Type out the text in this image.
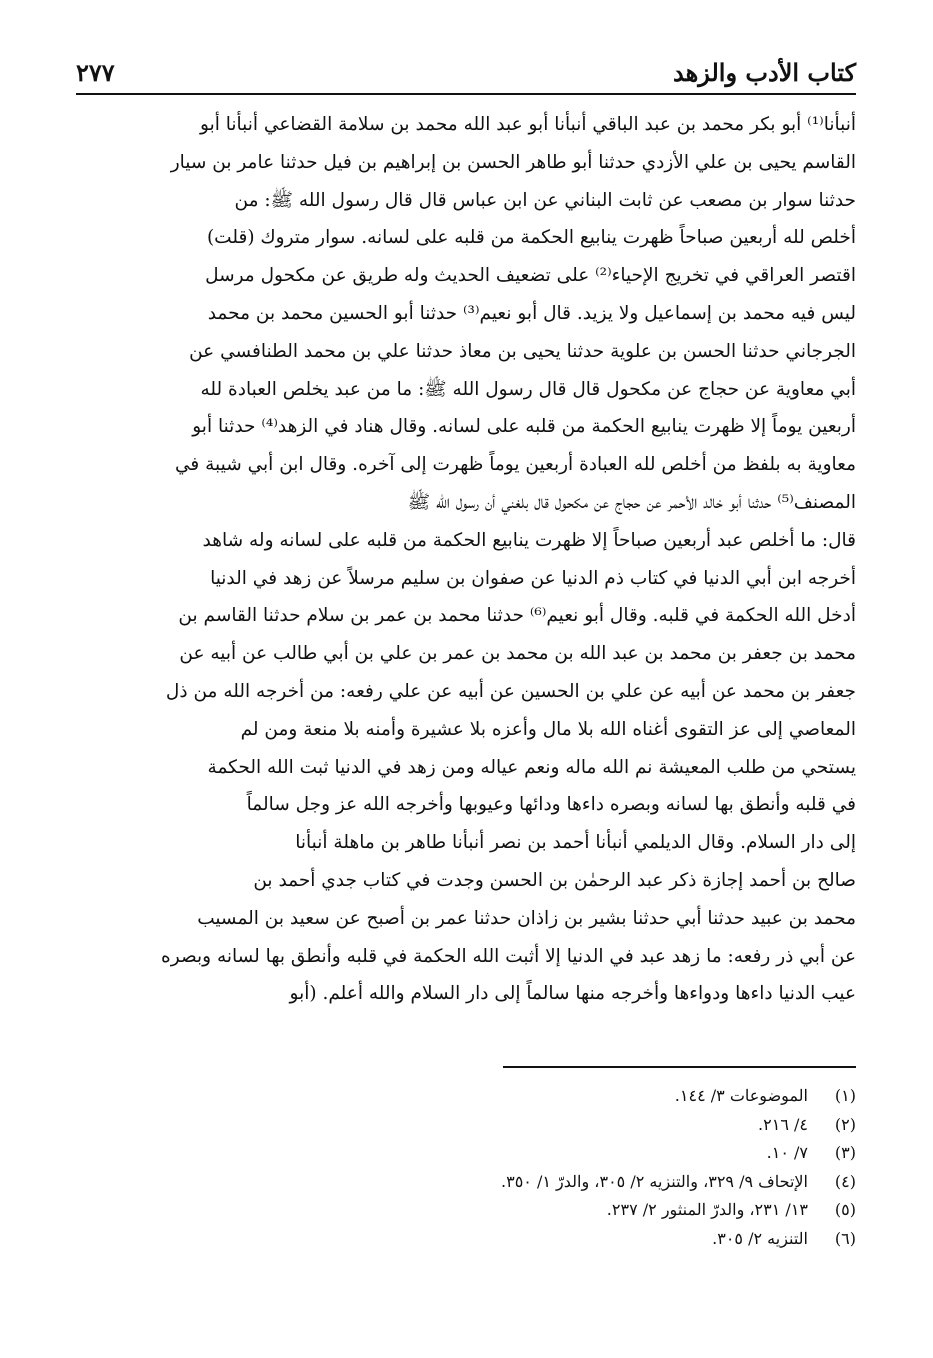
كتاب الأدب والزهد
٢٧٧
أنبأنا⁽¹⁾ أبو بكر محمد بن عبد الباقي أنبأنا أبو عبد الله محمد بن سلامة القضاعي أنبأنا أبو
القاسم يحيى بن علي الأزدي حدثنا أبو طاهر الحسن بن إبراهيم بن فيل حدثنا عامر بن سيار
حدثنا سوار بن مصعب عن ثابت البناني عن ابن عباس قال قال رسول الله ﷺ: من
أخلص لله أربعين صباحاً ظهرت ينابيع الحكمة من قلبه على لسانه. سوار متروك (قلت)
اقتصر العراقي في تخريج الإحياء⁽²⁾ على تضعيف الحديث وله طريق عن مكحول مرسل
ليس فيه محمد بن إسماعيل ولا يزيد. قال أبو نعيم⁽³⁾ حدثنا أبو الحسين محمد بن محمد
الجرجاني حدثنا الحسن بن علوية حدثنا يحيى بن معاذ حدثنا علي بن محمد الطنافسي عن
أبي معاوية عن حجاج عن مكحول قال قال رسول الله ﷺ: ما من عبد يخلص العبادة لله
أربعين يوماً إلا ظهرت ينابيع الحكمة من قلبه على لسانه. وقال هناد في الزهد⁽⁴⁾ حدثنا أبو
معاوية به بلفظ من أخلص لله العبادة أربعين يوماً ظهرت إلى آخره. وقال ابن أبي شيبة في
المصنف⁽⁵⁾ حدثنا أبو خالد الأحمر عن حجاج عن مكحول قال بلغني أن رسول الله ﷺ
قال: ما أخلص عبد أربعين صباحاً إلا ظهرت ينابيع الحكمة من قلبه على لسانه وله شاهد
أخرجه ابن أبي الدنيا في كتاب ذم الدنيا عن صفوان بن سليم مرسلاً عن زهد في الدنيا
أدخل الله الحكمة في قلبه. وقال أبو نعيم⁽⁶⁾ حدثنا محمد بن عمر بن سلام حدثنا القاسم بن
محمد بن جعفر بن محمد بن عبد الله بن محمد بن عمر بن علي بن أبي طالب عن أبيه عن
جعفر بن محمد عن أبيه عن علي بن الحسين عن أبيه عن علي رفعه: من أخرجه الله من ذل
المعاصي إلى عز التقوى أغناه الله بلا مال وأعزه بلا عشيرة وأمنه بلا منعة ومن لم
يستحي من طلب المعيشة نم الله ماله ونعم عياله ومن زهد في الدنيا ثبت الله الحكمة
في قلبه وأنطق بها لسانه وبصره داءها ودائها وعيوبها وأخرجه الله عز وجل سالماً
إلى دار السلام. وقال الديلمي أنبأنا أحمد بن نصر أنبأنا طاهر بن ماهلة أنبأنا
صالح بن أحمد إجازة ذكر عبد الرحمٰن بن الحسن وجدت في كتاب جدي أحمد بن
محمد بن عبيد حدثنا أبي حدثنا بشير بن زاذان حدثنا عمر بن أصبح عن سعيد بن المسيب
عن أبي ذر رفعه: ما زهد عبد في الدنيا إلا أثبت الله الحكمة في قلبه وأنطق بها لسانه وبصره
عيب الدنيا داءها ودواءها وأخرجه منها سالماً إلى دار السلام والله أعلم. (أبو
(١)
الموضوعات ٣/ ١٤٤.
(٢)
٤/ ٢١٦.
(٣)
٧/ ١٠.
(٤)
الإتحاف ٩/ ٣٢٩، والتنزيه ٢/ ٣٠٥، والدرّ ١/ ٣٥٠.
(٥)
١٣/ ٢٣١، والدرّ المنثور ٢/ ٢٣٧.
(٦)
التنزيه ٢/ ٣٠٥.
